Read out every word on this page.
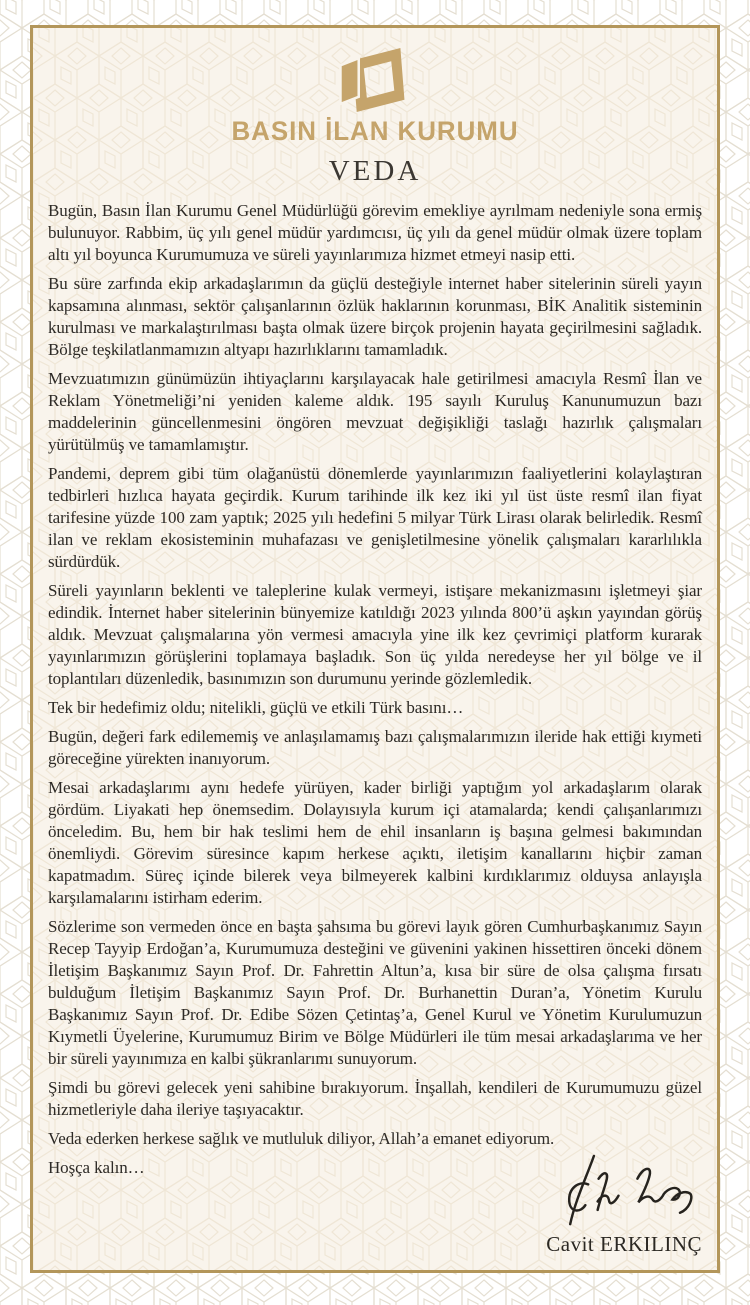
BASIN İLAN KURUMU
VEDA

Bugün, Basın İlan Kurumu Genel Müdürlüğü görevim emekliye ayrılmam nedeniyle sona ermiş bulunuyor. Rabbim, üç yılı genel müdür yardımcısı, üç yılı da genel müdür olmak üzere toplam altı yıl boyunca Kurumumuza ve süreli yayınlarımıza hizmet etmeyi nasip etti.

Bu süre zarfında ekip arkadaşlarımın da güçlü desteğiyle internet haber sitelerinin süreli yayın kapsamına alınması, sektör çalışanlarının özlük haklarının korunması, BİK Analitik sisteminin kurulması ve markalaştırılması başta olmak üzere birçok projenin hayata geçirilmesini sağladık. Bölge teşkilatlanmamızın altyapı hazırlıklarını tamamladık.

Mevzuatımızın günümüzün ihtiyaçlarını karşılayacak hale getirilmesi amacıyla Resmî İlan ve Reklam Yönetmeliği’ni yeniden kaleme aldık. 195 sayılı Kuruluş Kanunumuzun bazı maddelerinin güncellenmesini öngören mevzuat değişikliği taslağı hazırlık çalışmaları yürütülmüş ve tamamlamıştır.

Pandemi, deprem gibi tüm olağanüstü dönemlerde yayınlarımızın faaliyetlerini kolaylaştıran tedbirleri hızlıca hayata geçirdik. Kurum tarihinde ilk kez iki yıl üst üste resmî ilan fiyat tarifesine yüzde 100 zam yaptık; 2025 yılı hedefini 5 milyar Türk Lirası olarak belirledik. Resmî ilan ve reklam ekosisteminin muhafazası ve genişletilmesine yönelik çalışmaları kararlılıkla sürdürdük.

Süreli yayınların beklenti ve taleplerine kulak vermeyi, istişare mekanizmasını işletmeyi şiar edindik. İnternet haber sitelerinin bünyemize katıldığı 2023 yılında 800’ü aşkın yayından görüş aldık. Mevzuat çalışmalarına yön vermesi amacıyla yine ilk kez çevrimiçi platform kurarak yayınlarımızın görüşlerini toplamaya başladık. Son üç yılda neredeyse her yıl bölge ve il toplantıları düzenledik, basınımızın son durumunu yerinde gözlemledik.

Tek bir hedefimiz oldu; nitelikli, güçlü ve etkili Türk basını…

Bugün, değeri fark edilememiş ve anlaşılamamış bazı çalışmalarımızın ileride hak ettiği kıymeti göreceğine yürekten inanıyorum.

Mesai arkadaşlarımı aynı hedefe yürüyen, kader birliği yaptığım yol arkadaşlarım olarak gördüm. Liyakati hep önemsedim. Dolayısıyla kurum içi atamalarda; kendi çalışanlarımızı önceledim. Bu, hem bir hak teslimi hem de ehil insanların iş başına gelmesi bakımından önemliydi. Görevim süresince kapım herkese açıktı, iletişim kanallarını hiçbir zaman kapatmadım. Süreç içinde bilerek veya bilmeyerek kalbini kırdıklarımız olduysa anlayışla karşılamalarını istirham ederim.

Sözlerime son vermeden önce en başta şahsıma bu görevi layık gören Cumhurbaşkanımız Sayın Recep Tayyip Erdoğan’a, Kurumumuza desteğini ve güvenini yakinen hissettiren önceki dönem İletişim Başkanımız Sayın Prof. Dr. Fahrettin Altun’a, kısa bir süre de olsa çalışma fırsatı bulduğum İletişim Başkanımız Sayın Prof. Dr. Burhanettin Duran’a, Yönetim Kurulu Başkanımız Sayın Prof. Dr. Edibe Sözen Çetintaş’a, Genel Kurul ve Yönetim Kurulumuzun Kıymetli Üyelerine, Kurumumuz Birim ve Bölge Müdürleri ile tüm mesai arkadaşlarıma ve her bir süreli yayınımıza en kalbi şükranlarımı sunuyorum.

Şimdi bu görevi gelecek yeni sahibine bırakıyorum. İnşallah, kendileri de Kurumumuzu güzel hizmetleriyle daha ileriye taşıyacaktır.

Veda ederken herkese sağlık ve mutluluk diliyor, Allah’a emanet ediyorum.

Hoşça kalın…

Cavit ERKILINÇ
